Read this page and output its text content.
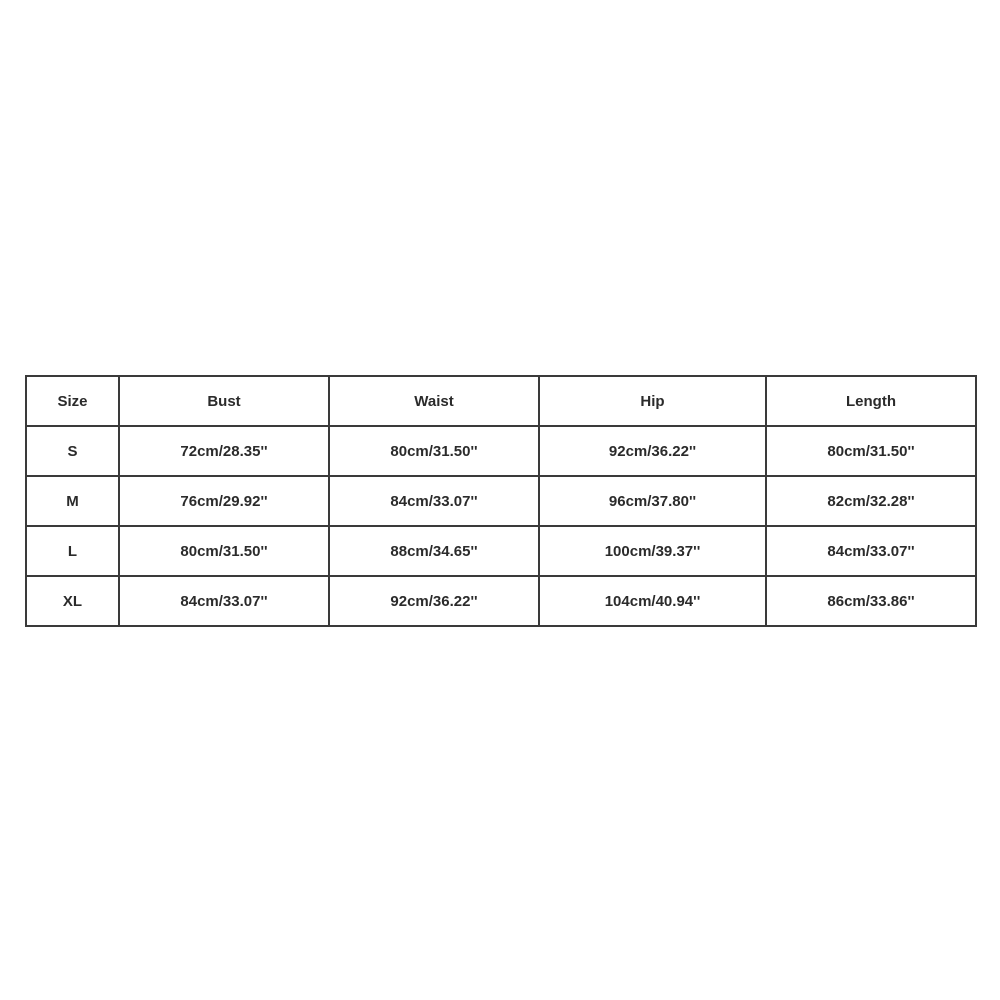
Size	Bust	Waist	Hip	Length
S	72cm/28.35''	80cm/31.50''	92cm/36.22''	80cm/31.50''
M	76cm/29.92''	84cm/33.07''	96cm/37.80''	82cm/32.28''
L	80cm/31.50''	88cm/34.65''	100cm/39.37''	84cm/33.07''
XL	84cm/33.07''	92cm/36.22''	104cm/40.94''	86cm/33.86''
